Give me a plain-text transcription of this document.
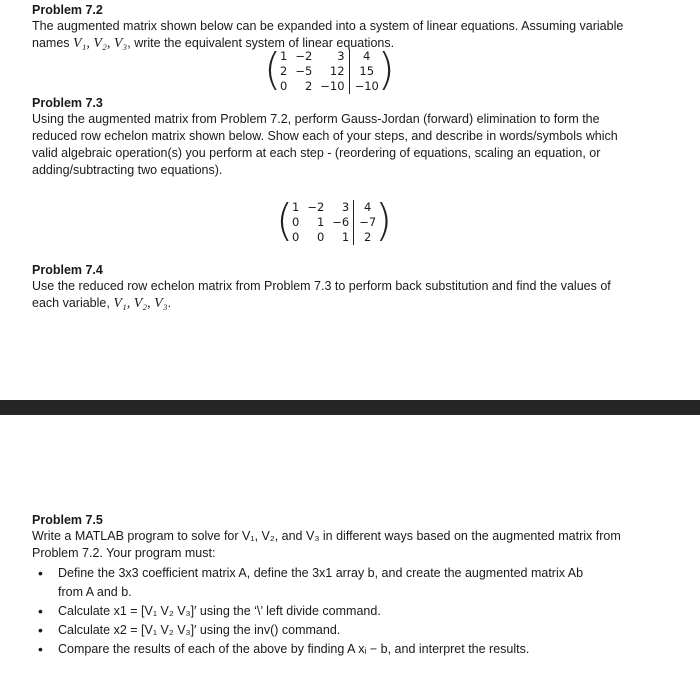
Problem 7.2
The augmented matrix shown below can be expanded into a system of linear equations. Assuming variable
names V₁, V₂, V₃, write the equivalent system of linear equations.
(
1	−2	3	4
2	−5	12	15
0	2	−10	−10
)
Problem 7.3
Using the augmented matrix from Problem 7.2, perform Gauss-Jordan (forward) elimination to form the
reduced row echelon matrix shown below. Show each of your steps, and describe in words/symbols which
valid algebraic operation(s) you perform at each step - (reordering of equations, scaling an equation, or
adding/subtracting two equations).
(
1	−2	3	4
0	1	−6	−7
0	0	1	2 )
Problem 7.4
Use the reduced row echelon matrix from Problem 7.3 to perform back substitution and find the values of
each variable, V₁, V₂, V₃.
Problem 7.5
Write a MATLAB program to solve for V₁, V₂, and V₃ in different ways based on the augmented matrix from
Problem 7.2. Your program must:
• Define the 3x3 coefficient matrix A, define the 3x1 array b, and create the augmented matrix Ab
from A and b.
• Calculate x1 = [V₁ V₂ V₃]′ using the ‘\’ left divide command.
• Calculate x2 = [V₁ V₂ V₃]′ using the inv() command.
• Compare the results of each of the above by finding A xᵢ − b, and interpret the results.
